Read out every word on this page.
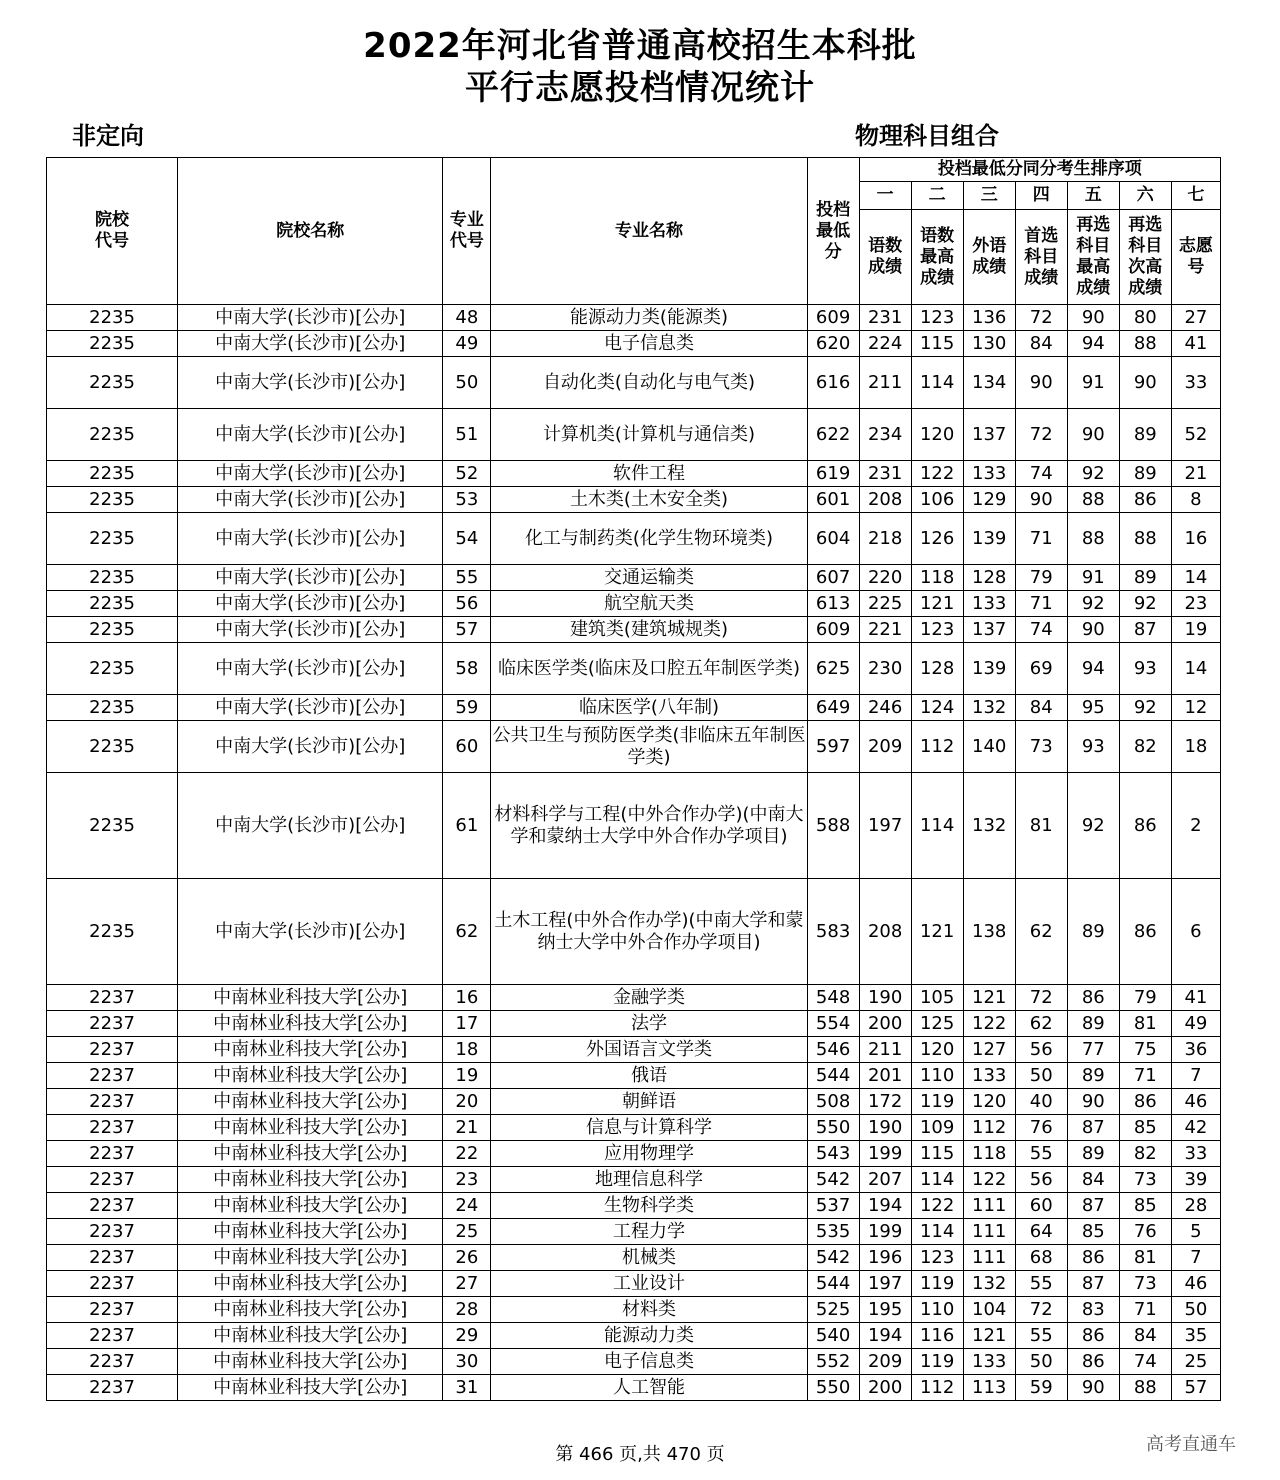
2022年河北省普通高校招生本科批
平行志愿投档情况统计
非定向	物理科目组合
院校代号	院校名称	专业代号	专业名称	投档最低分	投档最低分同分考生排序项						
					一	二	三	四	五	六	七
					语数成绩	语数最高成绩	外语成绩	首选科目成绩	再选科目最高成绩	再选科目次高成绩	志愿号
2235	中南大学(长沙市)[公办]	48	能源动力类(能源类)	609	231	123	136	72	90	80	27
2235	中南大学(长沙市)[公办]	49	电子信息类	620	224	115	130	84	94	88	41
2235	中南大学(长沙市)[公办]	50	自动化类(自动化与电气类)	616	211	114	134	90	91	90	33
2235	中南大学(长沙市)[公办]	51	计算机类(计算机与通信类)	622	234	120	137	72	90	89	52
2235	中南大学(长沙市)[公办]	52	软件工程	619	231	122	133	74	92	89	21
2235	中南大学(长沙市)[公办]	53	土木类(土木安全类)	601	208	106	129	90	88	86	8
2235	中南大学(长沙市)[公办]	54	化工与制药类(化学生物环境类)	604	218	126	139	71	88	88	16
2235	中南大学(长沙市)[公办]	55	交通运输类	607	220	118	128	79	91	89	14
2235	中南大学(长沙市)[公办]	56	航空航天类	613	225	121	133	71	92	92	23
2235	中南大学(长沙市)[公办]	57	建筑类(建筑城规类)	609	221	123	137	74	90	87	19
2235	中南大学(长沙市)[公办]	58	临床医学类(临床及口腔五年制医学类)	625	230	128	139	69	94	93	14
2235	中南大学(长沙市)[公办]	59	临床医学(八年制)	649	246	124	132	84	95	92	12
2235	中南大学(长沙市)[公办]	60	公共卫生与预防医学类(非临床五年制医学类)	597	209	112	140	73	93	82	18
2235	中南大学(长沙市)[公办]	61	材料科学与工程(中外合作办学)(中南大学和蒙纳士大学中外合作办学项目)	588	197	114	132	81	92	86	2
2235	中南大学(长沙市)[公办]	62	土木工程(中外合作办学)(中南大学和蒙纳士大学中外合作办学项目)	583	208	121	138	62	89	86	6
2237	中南林业科技大学[公办]	16	金融学类	548	190	105	121	72	86	79	41
2237	中南林业科技大学[公办]	17	法学	554	200	125	122	62	89	81	49
2237	中南林业科技大学[公办]	18	外国语言文学类	546	211	120	127	56	77	75	36
2237	中南林业科技大学[公办]	19	俄语	544	201	110	133	50	89	71	7
2237	中南林业科技大学[公办]	20	朝鲜语	508	172	119	120	40	90	86	46
2237	中南林业科技大学[公办]	21	信息与计算科学	550	190	109	112	76	87	85	42
2237	中南林业科技大学[公办]	22	应用物理学	543	199	115	118	55	89	82	33
2237	中南林业科技大学[公办]	23	地理信息科学	542	207	114	122	56	84	73	39
2237	中南林业科技大学[公办]	24	生物科学类	537	194	122	111	60	87	85	28
2237	中南林业科技大学[公办]	25	工程力学	535	199	114	111	64	85	76	5
2237	中南林业科技大学[公办]	26	机械类	542	196	123	111	68	86	81	7
2237	中南林业科技大学[公办]	27	工业设计	544	197	119	132	55	87	73	46
2237	中南林业科技大学[公办]	28	材料类	525	195	110	104	72	83	71	50
2237	中南林业科技大学[公办]	29	能源动力类	540	194	116	121	55	86	84	35
2237	中南林业科技大学[公办]	30	电子信息类	552	209	119	133	50	86	74	25
2237	中南林业科技大学[公办]	31	人工智能	550	200	112	113	59	90	88	57
第 466 页,共 470 页	高考直通车
